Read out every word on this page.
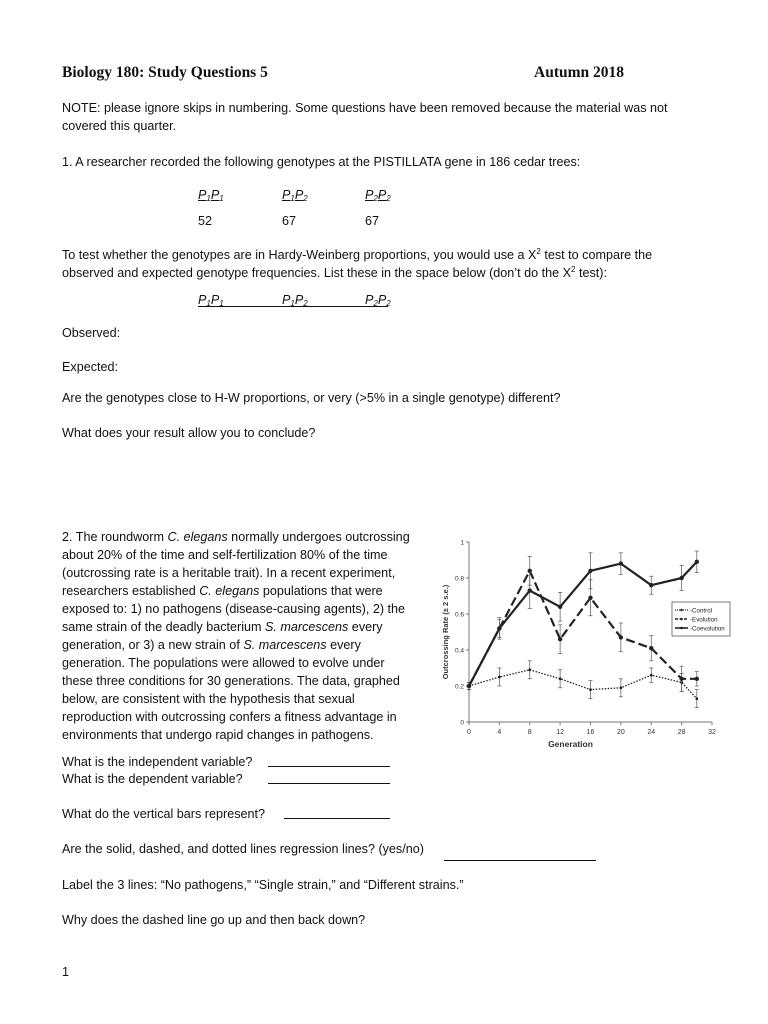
Biology 180: Study Questions 5	Autumn 2018
NOTE: please ignore skips in numbering. Some questions have been removed because the material was not
covered this quarter.
1. A researcher recorded the following genotypes at the PISTILLATA gene in 186 cedar trees:
$P_1P_1$	$P_1P_2$	$P_2P_2$
52	67	67
To test whether the genotypes are in Hardy-Weinberg proportions, you would use a $X^2$ test to compare the
observed and expected genotype frequencies. List these in the space below (don’t do the $X^2$ test):
$P_1P_1$	$P_1P_2$	$P_2P_2$
Observed:
Expected:
Are the genotypes close to H-W proportions, or very (>5% in a single genotype) different?
What does your result allow you to conclude?
2. The roundworm C. elegans normally undergoes outcrossing
about 20% of the time and self-fertilization 80% of the time
(outcrossing rate is a heritable trait). In a recent experiment,
researchers established C. elegans populations that were
exposed to: 1) no pathogens (disease-causing agents), 2) the
same strain of the deadly bacterium S. marcescens every
generation, or 3) a new strain of S. marcescens every
generation. The populations were allowed to evolve under
these three conditions for 30 generations. The data, graphed
below, are consistent with the hypothesis that sexual
reproduction with outcrossing confers a fitness advantage in
environments that undergo rapid changes in pathogens.
0
0.2
0.4
0.6
0.8
1
0	4	8	12	16	20	24	28	32
Generation
Outcrossing Rate (± 2 s.e.)	-Control
-Evolution
-Coevolution
What is the independent variable?
What is the dependent variable?
What do the vertical bars represent?
Are the solid, dashed, and dotted lines regression lines? (yes/no)
Label the 3 lines: “No pathogens,” “Single strain,” and “Different strains.”
Why does the dashed line go up and then back down?
1
